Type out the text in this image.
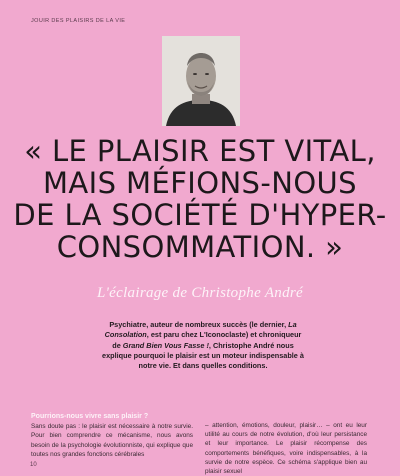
JOUIR DES PLAISIRS DE LA VIE
« LE PLAISIR EST VITAL,
MAIS MÉFIONS-NOUS
DE LA SOCIÉTÉ D'HYPER-
CONSOMMATION. »
L'éclairage de Christophe André
Psychiatre, auteur de nombreux succès (le dernier, La Consolation, est paru chez L'Iconoclaste) et chroniqueur de Grand Bien Vous Fasse !, Christophe André nous explique pourquoi le plaisir est un moteur indispensable à notre vie. Et dans quelles conditions.
Pourrions-nous vivre sans plaisir ?

Sans doute pas : le plaisir est nécessaire à notre survie. Pour bien comprendre ce mécanisme, nous avons besoin de la psychologie évolutionniste, qui explique que toutes nos grandes fonctions cérébrales

– attention, émotions, douleur, plaisir… – ont eu leur utilité au cours de notre évolution, d'où leur persistance et leur importance. Le plaisir récompense des comportements bénéfiques, voire indispensables, à la survie de notre espèce. Ce schéma s'applique bien au plaisir sexuel

10
